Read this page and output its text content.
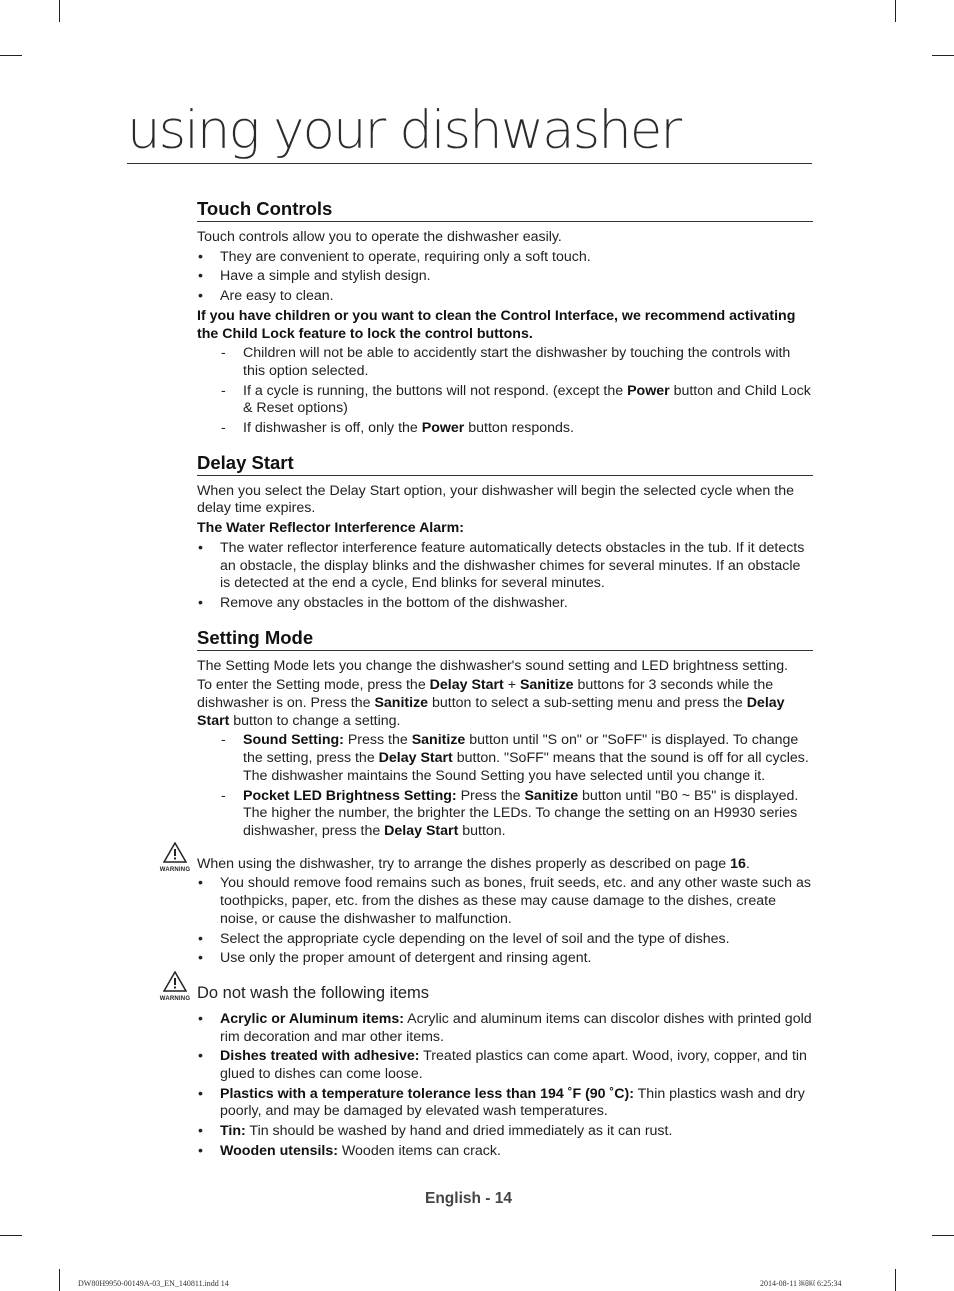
using your dishwasher
Touch Controls

Touch controls allow you to operate the dishwasher easily.

• They are convenient to operate, requiring only a soft touch.
• Have a simple and stylish design.
• Are easy to clean.

If you have children or you want to clean the Control Interface, we recommend activating the Child Lock feature to lock the control buttons.

- Children will not be able to accidently start the dishwasher by touching the controls with this option selected.
- If a cycle is running, the buttons will not respond. (except the Power button and Child Lock & Reset options)
- If dishwasher is off, only the Power button responds.
Delay Start

When you select the Delay Start option, your dishwasher will begin the selected cycle when the delay time expires.

The Water Reflector Interference Alarm:

• The water reflector interference feature automatically detects obstacles in the tub. If it detects an obstacle, the display blinks and the dishwasher chimes for several minutes. If an obstacle is detected at the end a cycle, End blinks for several minutes.
• Remove any obstacles in the bottom of the dishwasher.
Setting Mode

The Setting Mode lets you change the dishwasher's sound setting and LED brightness setting.

To enter the Setting mode, press the Delay Start + Sanitize buttons for 3 seconds while the dishwasher is on. Press the Sanitize button to select a sub-setting menu and press the Delay Start button to change a setting.

- Sound Setting: Press the Sanitize button until "S on" or "SoFF" is displayed. To change the setting, press the Delay Start button. "SoFF" means that the sound is off for all cycles. The dishwasher maintains the Sound Setting you have selected until you change it.
- Pocket LED Brightness Setting: Press the Sanitize button until "B0 ~ B5" is displayed. The higher the number, the brighter the LEDs. To change the setting on an H9930 series dishwasher, press the Delay Start button.
WARNING When using the dishwasher, try to arrange the dishes properly as described on page 16.

• You should remove food remains such as bones, fruit seeds, etc. and any other waste such as toothpicks, paper, etc. from the dishes as these may cause damage to the dishes, create noise, or cause the dishwasher to malfunction.
• Select the appropriate cycle depending on the level of soil and the type of dishes.
• Use only the proper amount of detergent and rinsing agent.
WARNING Do not wash the following items
• Acrylic or Aluminum items: Acrylic and aluminum items can discolor dishes with printed gold rim decoration and mar other items.
• Dishes treated with adhesive: Treated plastics can come apart. Wood, ivory, copper, and tin glued to dishes can come loose.
• Plastics with a temperature tolerance less than 194 ˚F (90 ˚C): Thin plastics wash and dry poorly, and may be damaged by elevated wash temperatures.
• Tin: Tin should be washed by hand and dried immediately as it can rust.
• Wooden utensils: Wooden items can crack.
English - 14
DW80H9950-00149A-03_EN_140811.indd 14	2014-08-11 ￼￼ 6:25:34
